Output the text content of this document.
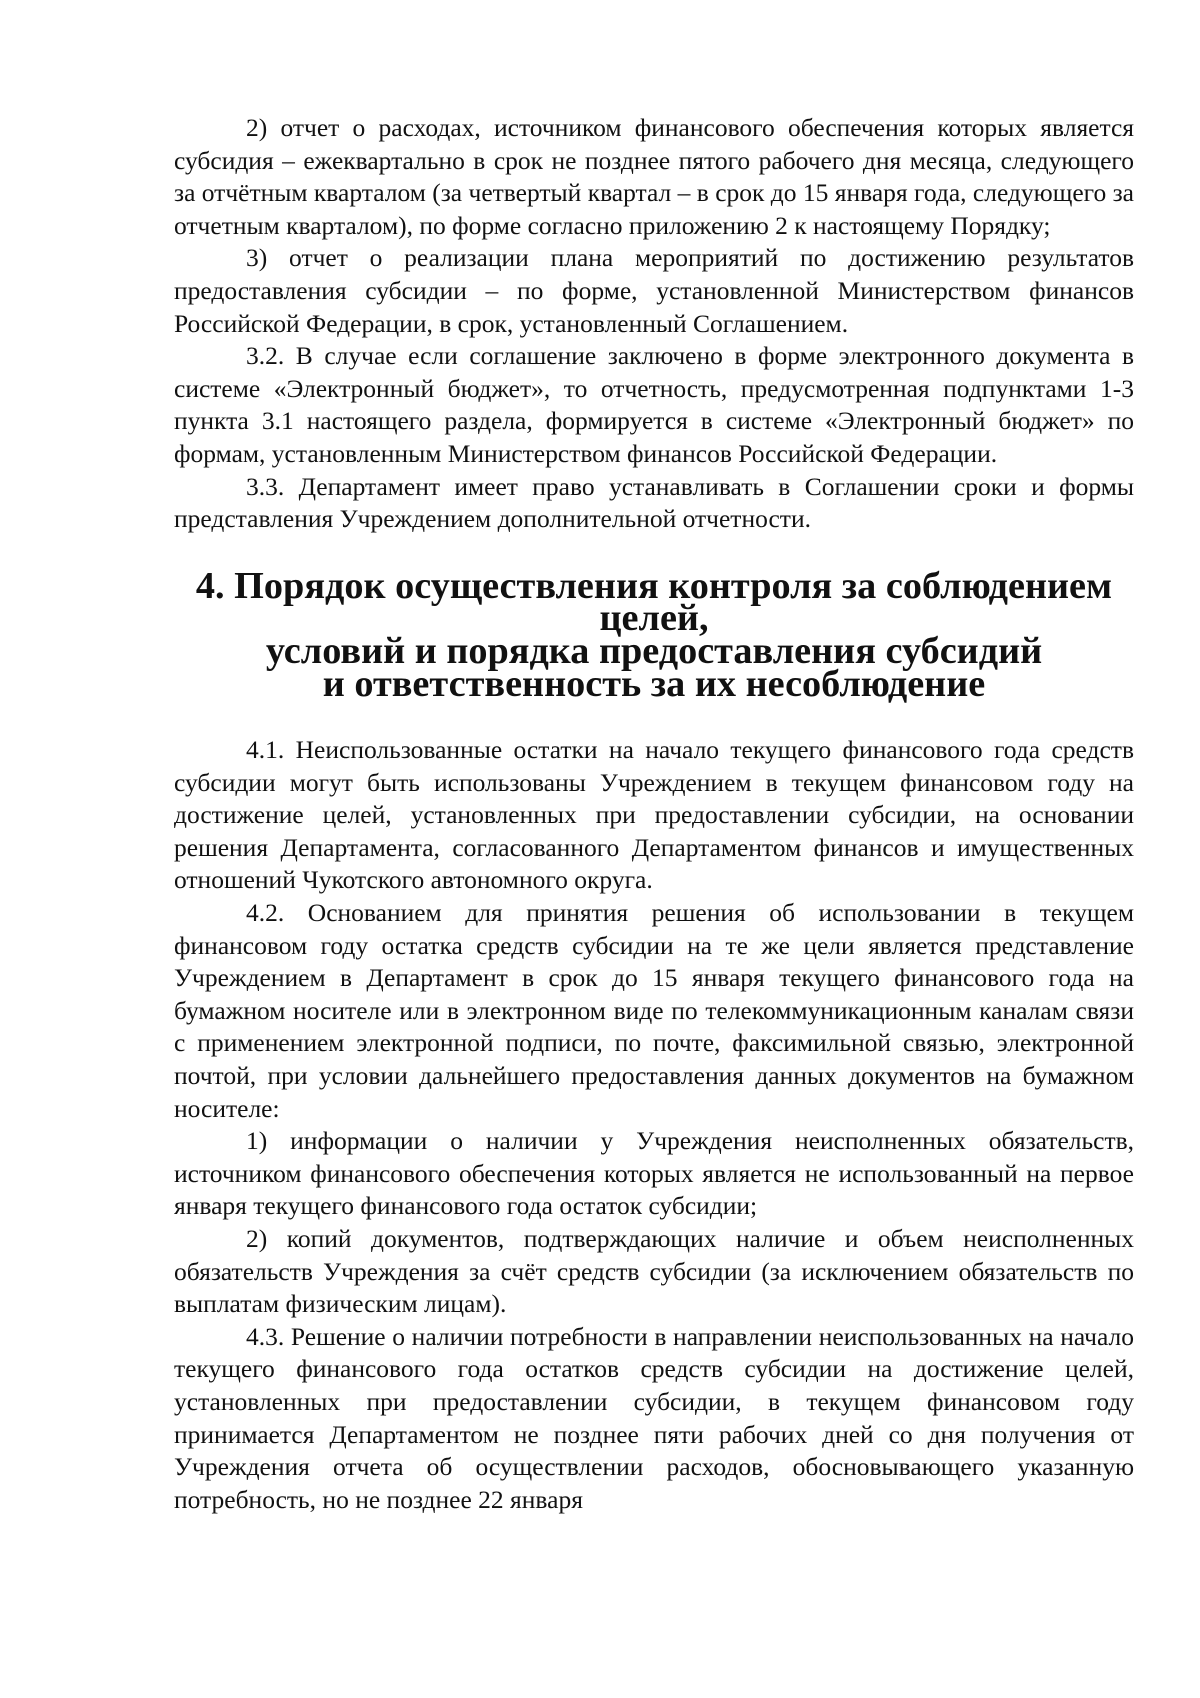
2) отчет о расходах, источником финансового обеспечения которых является субсидия – ежеквартально в срок не позднее пятого рабочего дня месяца, следующего за отчётным кварталом (за четвертый квартал – в срок до 15 января года, следующего за отчетным кварталом), по форме согласно приложению 2 к настоящему Порядку;

3) отчет о реализации плана мероприятий по достижению результатов предоставления субсидии – по форме, установленной Министерством финансов Российской Федерации, в срок, установленный Соглашением.

3.2. В случае если соглашение заключено в форме электронного документа в системе «Электронный бюджет», то отчетность, предусмотренная подпунктами 1-3 пункта 3.1 настоящего раздела, формируется в системе «Электронный бюджет» по формам, установленным Министерством финансов Российской Федерации.

3.3. Департамент имеет право устанавливать в Соглашении сроки и формы представления Учреждением дополнительной отчетности.

4. Порядок осуществления контроля за соблюдением целей,
условий и порядка предоставления субсидий
и ответственность за их несоблюдение

4.1. Неиспользованные остатки на начало текущего финансового года средств субсидии могут быть использованы Учреждением в текущем финансовом году на достижение целей, установленных при предоставлении субсидии, на основании решения Департамента, согласованного Департаментом финансов и имущественных отношений Чукотского автономного округа.

4.2. Основанием для принятия решения об использовании в текущем финансовом году остатка средств субсидии на те же цели является представление Учреждением в Департамент в срок до 15 января текущего финансового года на бумажном носителе или в электронном виде по телекоммуникационным каналам связи с применением электронной подписи, по почте, факсимильной связью, электронной почтой, при условии дальнейшего предоставления данных документов на бумажном носителе:

1) информации о наличии у Учреждения неисполненных обязательств, источником финансового обеспечения которых является не использованный на первое января текущего финансового года остаток субсидии;

2) копий документов, подтверждающих наличие и объем неисполненных обязательств Учреждения за счёт средств субсидии (за исключением обязательств по выплатам физическим лицам).

4.3. Решение о наличии потребности в направлении неиспользованных на начало текущего финансового года остатков средств субсидии на достижение целей, установленных при предоставлении субсидии, в текущем финансовом году принимается Департаментом не позднее пяти рабочих дней со дня получения от Учреждения отчета об осуществлении расходов, обосновывающего указанную потребность, но не позднее 22 января
